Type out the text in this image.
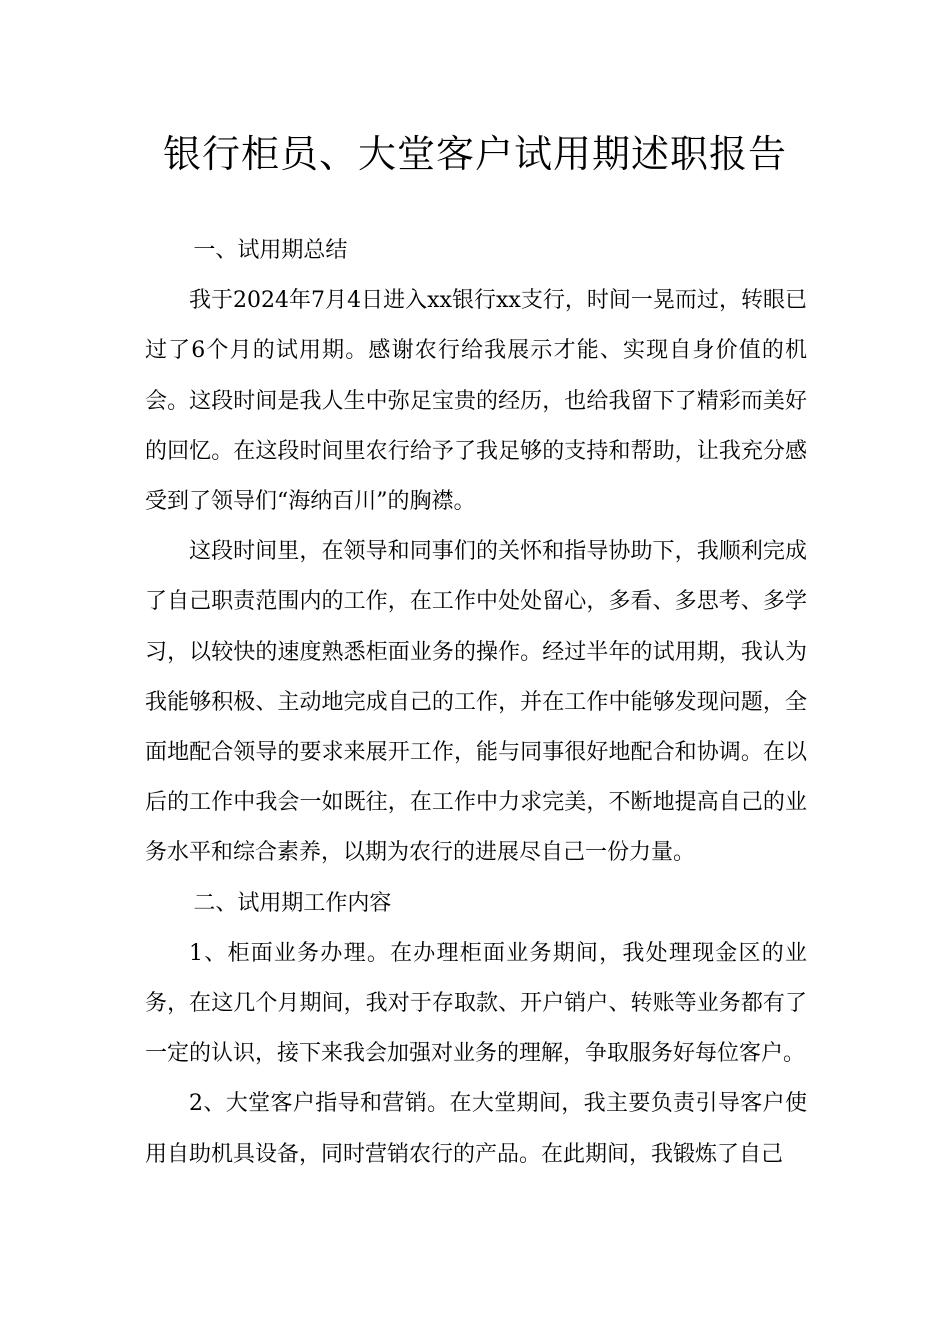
银行柜员、大堂客户试用期述职报告

一、试用期总结

我于2024年7月4日进入xx银行xx支行，时间一晃而过，转眼已过了6个月的试用期。感谢农行给我展示才能、实现自身价值的机会。这段时间是我人生中弥足宝贵的经历，也给我留下了精彩而美好的回忆。在这段时间里农行给予了我足够的支持和帮助，让我充分感受到了领导们“海纳百川”的胸襟。

这段时间里，在领导和同事们的关怀和指导协助下，我顺利完成了自己职责范围内的工作，在工作中处处留心，多看、多思考、多学习，以较快的速度熟悉柜面业务的操作。经过半年的试用期，我认为我能够积极、主动地完成自己的工作，并在工作中能够发现问题，全面地配合领导的要求来展开工作，能与同事很好地配合和协调。在以后的工作中我会一如既往，在工作中力求完美，不断地提高自己的业务水平和综合素养，以期为农行的进展尽自己一份力量。

二、试用期工作内容

1、柜面业务办理。在办理柜面业务期间，我处理现金区的业务，在这几个月期间，我对于存取款、开户销户、转账等业务都有了一定的认识，接下来我会加强对业务的理解，争取服务好每位客户。

2、大堂客户指导和营销。在大堂期间，我主要负责引导客户使用自助机具设备，同时营销农行的产品。在此期间，我锻炼了自己
